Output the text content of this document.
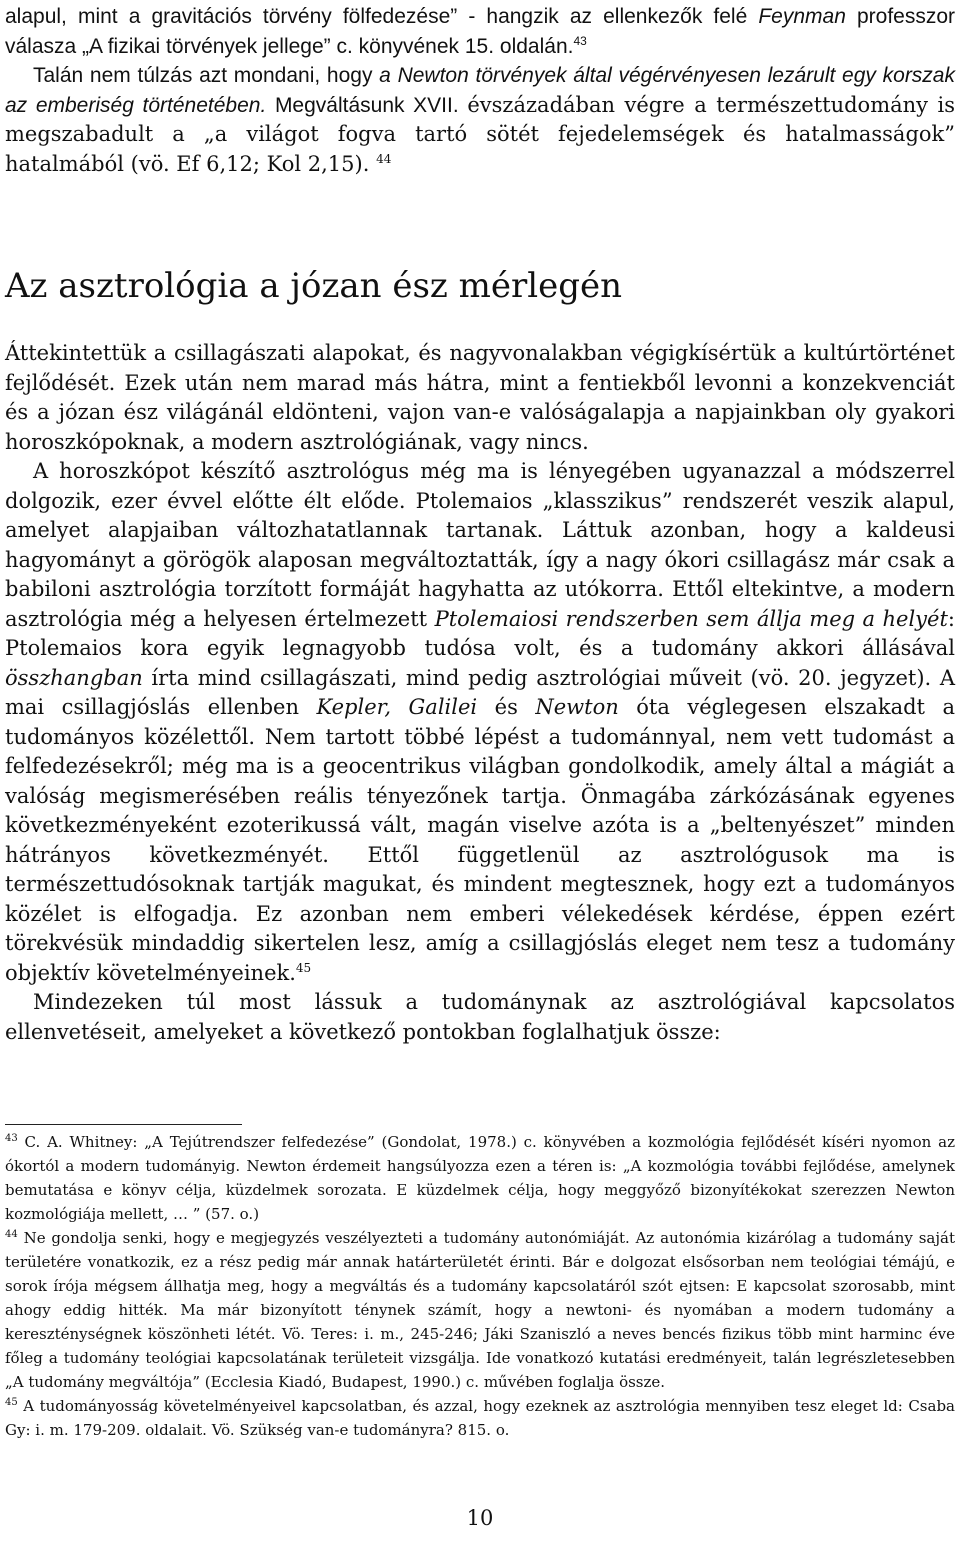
alapul, mint a gravitációs törvény fölfedezése” - hangzik az ellenkezők felé Feynman professzor válasza „A fizikai törvények jellege” c. könyvének 15. oldalán.$^{43}$

Talán nem túlzás azt mondani, hogy a Newton törvények által végérvényesen lezárult egy korszak az emberiség történetében. Megváltásunk XVII. évszázadában végre a természettudomány is megszabadult a „a világot fogva tartó sötét fejedelemségek és hatalmasságok” hatalmából (vö. Ef 6,12; Kol 2,15). $^{44}$

Az asztrológia a józan ész mérlegén

Áttekintettük a csillagászati alapokat, és nagyvonalakban végigkísértük a kultúrtörténet fejlődését. Ezek után nem marad más hátra, mint a fentiekből levonni a konzekvenciát és a józan ész világánál eldönteni, vajon van-e valóságalapja a napjainkban oly gyakori horoszkópoknak, a modern asztrológiának, vagy nincs.

A horoszkópot készítő asztrológus még ma is lényegében ugyanazzal a módszerrel dolgozik, ezer évvel előtte élt elődе. Ptolemaios „klasszikus” rendszerét veszik alapul, amelyet alapjaiban változhatatlannak tartanak. Láttuk azonban, hogy a kaldeusi hagyományt a görögök alaposan megváltoztatták, így a nagy ókori csillagász már csak a babiloni asztrológia torzított formáját hagyhatta az utókorra. Ettől eltekintve, a modern asztrológia még a helyesen értelmezett Ptolemaiosi rendszerben sem állja meg a helyét: Ptolemaios kora egyik legnagyobb tudósa volt, és a tudomány akkori állásával összhangban írta mind csillagászati, mind pedig asztrológiai műveit (vö. 20. jegyzet). A mai csillagjóslás ellenben Kepler, Galilei és Newton óta véglegesen elszakadt a tudományos közélettől. Nem tartott többé lépést a tudománnyal, nem vett tudomást a felfedezésekről; még ma is a geocentrikus világban gondolkodik, amely által a mágiát a valóság megismerésében reális tényezőnek tartja. Önmagába zárkózásának egyenes következményeként ezoterikussá vált, magán viselve azóta is a „beltenyészet” minden hátrányos következményét. Ettől függetlenül az asztrológusok ma is természettudósoknak tartják magukat, és mindent megtesznek, hogy ezt a tudományos közélet is elfogadja. Ez azonban nem emberi vélekedések kérdése, éppen ezért törekvésük mindaddig sikertelen lesz, amíg a csillagjóslás eleget nem tesz a tudomány objektív követelményeinek.$^{45}$

Mindezeken túl most lássuk a tudománynak az asztrológiával kapcsolatos ellenvetéseit, amelyeket a következő pontokban foglalhatjuk össze:

$^{43}$ C. A. Whitney: „A Tejútrendszer felfedezése” (Gondolat, 1978.) c. könyvében a kozmológia fejlődését kíséri nyomon az ókortól a modern tudományig. Newton érdemeit hangsúlyozza ezen a téren is: „A kozmológia további fejlődése, amelynek bemutatása e könyv célja, küzdelmek sorozata. E küzdelmek célja, hogy meggyőző bizonyítékokat szerezzen Newton kozmológiája mellett, … ” (57. o.)

$^{44}$ Ne gondolja senki, hogy e megjegyzés veszélyezteti a tudomány autonómiáját. Az autonómia kizárólag a tudomány saját területére vonatkozik, ez a rész pedig már annak határterületét érinti. Bár e dolgozat elsősorban nem teológiai témájú, e sorok írója mégsem állhatja meg, hogy a megváltás és a tudomány kapcsolatáról szót ejtsen: E kapcsolat szorosabb, mint ahogy eddig hitték. Ma már bizonyított ténynek számít, hogy a newtoni- és nyomában a modern tudomány a kereszténységnek köszönheti létét. Vö. Teres: i. m., 245-246; Jáki Szaniszló a neves bencés fizikus több mint harminc éve főleg a tudomány teológiai kapcsolatának területeit vizsgálja. Ide vonatkozó kutatási eredményeit, talán legrészletesebben „A tudomány megváltója” (Ecclesia Kiadó, Budapest, 1990.) c. művében foglalja össze.

$^{45}$ A tudományosság követelményeivel kapcsolatban, és azzal, hogy ezeknek az asztrológia mennyiben tesz eleget ld: Csaba Gy: i. m. 179-209. oldalait. Vö. Szükség van-e tudományra? 815. o.

10
